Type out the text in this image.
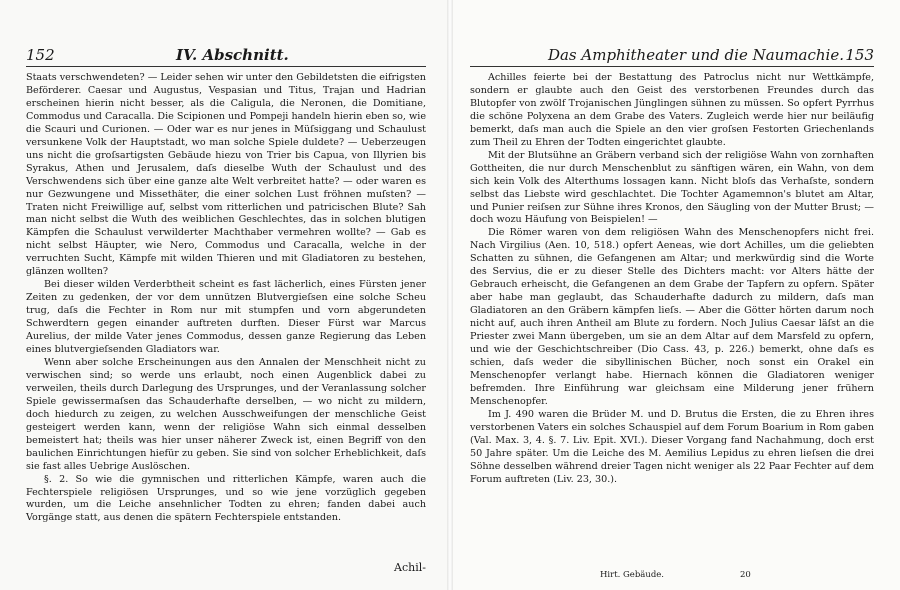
152	IV. Abschnitt.

Staats verschwendeten? — Leider sehen wir unter den Gebildetsten die eifrigsten Beförderer. Caesar und Augustus, Vespasian und Titus, Trajan und Hadrian erscheinen hierin nicht besser, als die Caligula, die Neronen, die Domitiane, Commodus und Caracalla. Die Scipionen und Pompeji handeln hierin eben so, wie die Scauri und Curionen. — Oder war es nur jenes in Müſsiggang und Schaulust versunkene Volk der Hauptstadt, wo man solche Spiele duldete? — Ueberzeugen uns nicht die groſsartigsten Gebäude hiezu von Trier bis Capua, von Illyrien bis Syrakus, Athen und Jerusalem, daſs dieselbe Wuth der Schaulust und des Verschwendens sich über eine ganze alte Welt verbreitet hatte? — oder waren es nur Gezwungene und Missethäter, die einer solchen Lust fröhnen muſsten? — Traten nicht Freiwillige auf, selbst vom ritterlichen und patricischen Blute? Sah man nicht selbst die Wuth des weiblichen Geschlechtes, das in solchen blutigen Kämpfen die Schaulust verwilderter Machthaber vermehren wollte? — Gab es nicht selbst Häupter, wie Nero, Commodus und Caracalla, welche in der verruchten Sucht, Kämpfe mit wilden Thieren und mit Gladiatoren zu bestehen, glänzen wollten?

Bei dieser wilden Verderbtheit scheint es fast lächerlich, eines Fürsten jener Zeiten zu gedenken, der vor dem unnützen Blutvergieſsen eine solche Scheu trug, daſs die Fechter in Rom nur mit stumpfen und vorn abgerundeten Schwerdtern gegen einander auftreten durften. Dieser Fürst war Marcus Aurelius, der milde Vater jenes Commodus, dessen ganze Regierung das Leben eines blutvergieſsenden Gladiators war.

Wenn aber solche Erscheinungen aus den Annalen der Menschheit nicht zu verwischen sind; so werde uns erlaubt, noch einen Augenblick dabei zu verweilen, theils durch Darlegung des Ursprunges, und der Veranlassung solcher Spiele gewissermaſsen das Schauderhafte derselben, — wo nicht zu mildern, doch hiedurch zu zeigen, zu welchen Ausschweifungen der menschliche Geist gesteigert werden kann, wenn der religiöse Wahn sich einmal desselben bemeistert hat; theils was hier unser näherer Zweck ist, einen Begriff von den baulichen Einrichtungen hiefür zu geben. Sie sind von solcher Erheblichkeit, daſs sie fast alles Uebrige Auslöschen.

§. 2. So wie die gymnischen und ritterlichen Kämpfe, waren auch die Fechterspiele religiösen Ursprunges, und so wie jene vorzüglich gegeben wurden, um die Leiche ansehnlicher Todten zu ehren; fanden dabei auch Vorgänge statt, aus denen die spätern Fechterspiele entstanden.

Achil-
Das Amphitheater und die Naumachie. 153

Achilles feierte bei der Bestattung des Patroclus nicht nur Wettkämpfe, sondern er glaubte auch den Geist des verstorbenen Freundes durch das Blutopfer von zwölf Trojanischen Jünglingen sühnen zu müssen. So opfert Pyrrhus die schöne Polyxena an dem Grabe des Vaters. Zugleich werde hier nur beiläufig bemerkt, daſs man auch die Spiele an den vier groſsen Festorten Griechenlands zum Theil zu Ehren der Todten eingerichtet glaubte.

Mit der Blutsühne an Gräbern verband sich der religiöse Wahn von zornhaften Gottheiten, die nur durch Menschenblut zu sänftigen wären, ein Wahn, von dem sich kein Volk des Alterthums lossagen kann. Nicht bloſs das Verhaſste, sondern selbst das Liebste wird geschlachtet. Die Tochter Agamemnon's blutet am Altar, und Punier reiſsen zur Sühne ihres Kronos, den Säugling von der Mutter Brust; — doch wozu Häufung von Beispielen! —

Die Römer waren von dem religiösen Wahn des Menschenopfers nicht frei. Nach Virgilius (Aen. 10, 518.) opfert Aeneas, wie dort Achilles, um die geliebten Schatten zu sühnen, die Gefangenen am Altar; und merkwürdig sind die Worte des Servius, die er zu dieser Stelle des Dichters macht: vor Alters hätte der Gebrauch erheischt, die Gefangenen an dem Grabe der Tapfern zu opfern. Später aber habe man geglaubt, das Schauderhafte dadurch zu mildern, daſs man Gladiatoren an den Gräbern kämpfen lieſs. — Aber die Götter hörten darum noch nicht auf, auch ihren Antheil am Blute zu fordern. Noch Julius Caesar läſst an die Priester zwei Mann übergeben, um sie an dem Altar auf dem Marsfeld zu opfern, und wie der Geschichtschreiber (Dio Cass. 43, p. 226.) bemerkt, ohne daſs es schien, daſs weder die sibyllinischen Bücher, noch sonst ein Orakel ein Menschenopfer verlangt habe. Hiernach können die Gladiatoren weniger befremden. Ihre Einführung war gleichsam eine Milderung jener frühern Menschenopfer.

Im J. 490 waren die Brüder M. und D. Brutus die Ersten, die zu Ehren ihres verstorbenen Vaters ein solches Schauspiel auf dem Forum Boarium in Rom gaben (Val. Max. 3, 4. §. 7. Liv. Epit. XVI.). Dieser Vorgang fand Nachahmung, doch erst 50 Jahre später. Um die Leiche des M. Aemilius Lepidus zu ehren lieſsen die drei Söhne desselben während dreier Tagen nicht weniger als 22 Paar Fechter auf dem Forum auftreten (Liv. 23, 30.).

Hirt. Gebäude.	20
